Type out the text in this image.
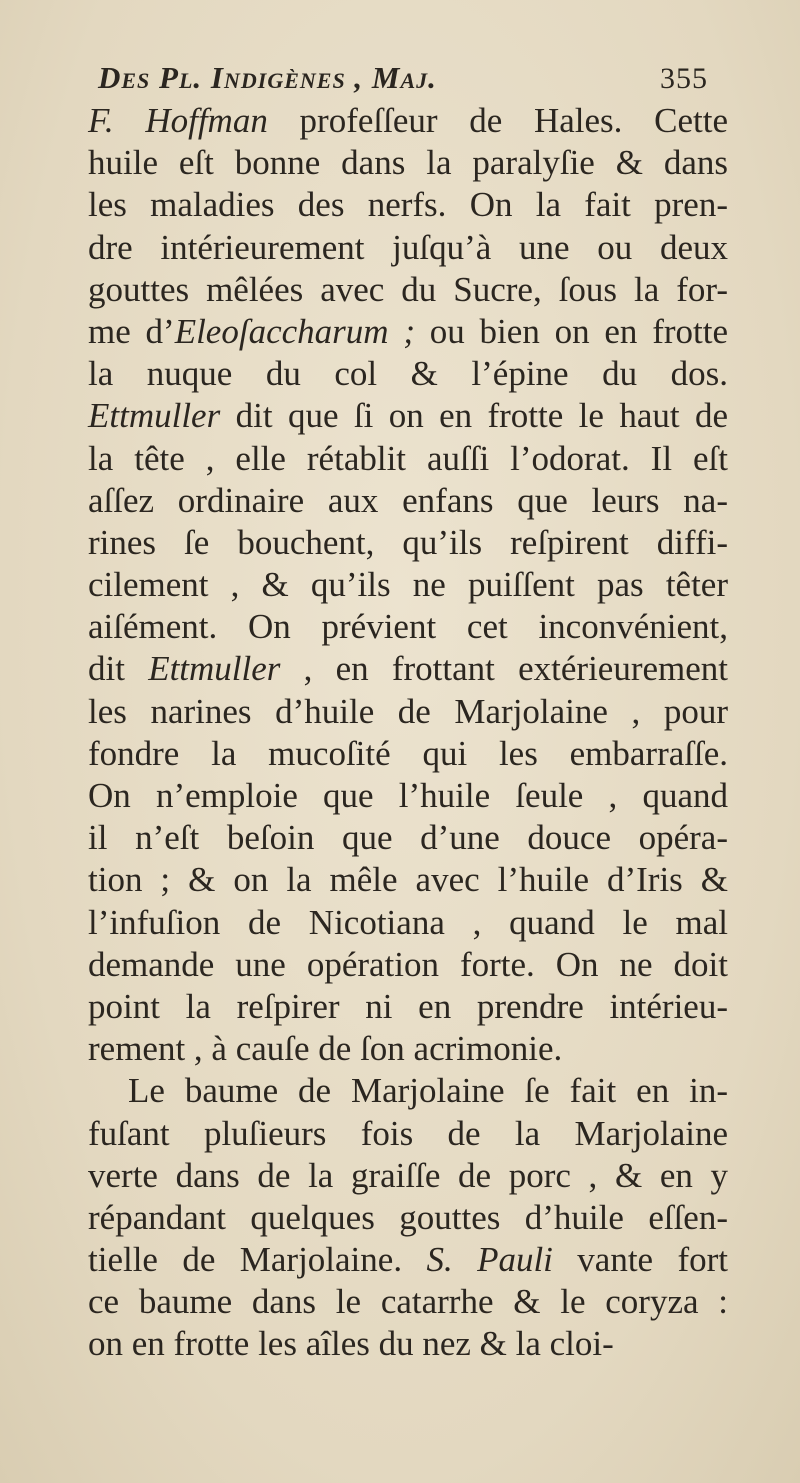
Des Pl. Indigènes , Maj.	355
F. Hoffman profeſſeur de Hales. Cette
huile eſt bonne dans la paralyſie & dans
les maladies des nerfs. On la fait pren-
dre intérieurement juſqu’à une ou deux
gouttes mêlées avec du Sucre, ſous la for-
me d’Eleoſaccharum ; ou bien on en frotte
la nuque du col & l’épine du dos.
Ettmuller dit que ſi on en frotte le haut de
la tête , elle rétablit auſſi l’odorat. Il eſt
aſſez ordinaire aux enfans que leurs na-
rines ſe bouchent, qu’ils reſpirent diffi-
cilement , & qu’ils ne puiſſent pas têter
aiſément. On prévient cet inconvénient,
dit Ettmuller , en frottant extérieurement
les narines d’huile de Marjolaine , pour
fondre la mucoſité qui les embarraſſe.
On n’emploie que l’huile ſeule , quand
il n’eſt beſoin que d’une douce opéra-
tion ; & on la mêle avec l’huile d’Iris &
l’infuſion de Nicotiana , quand le mal
demande une opération forte. On ne doit
point la reſpirer ni en prendre intérieu-
rement , à cauſe de ſon acrimonie.
Le baume de Marjolaine ſe fait en in-
fuſant pluſieurs fois de la Marjolaine
verte dans de la graiſſe de porc , & en y
répandant quelques gouttes d’huile eſſen-
tielle de Marjolaine. S. Pauli vante fort
ce baume dans le catarrhe & le coryza :
on en frotte les aîles du nez & la cloi-
